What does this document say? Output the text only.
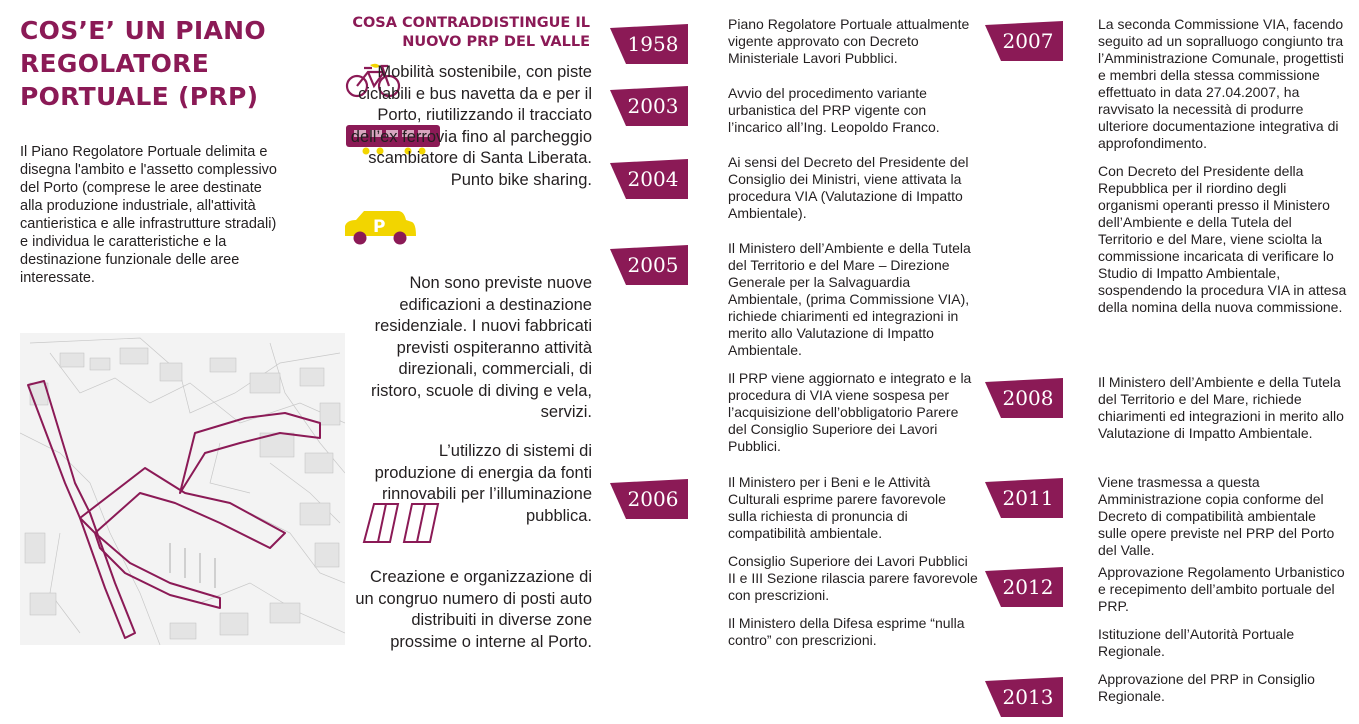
COS’E’ UN PIANO REGOLATORE PORTUALE (PRP)
Il Piano Regolatore Portuale delimita e disegna l'ambito e l'assetto complessivo del Porto (comprese le aree destinate alla produzione industriale, all'attività cantieristica e alle infrastrutture stradali) e individua le caratteristiche e la destinazione funzionale delle aree interessate.
COSA CONTRADDISTINGUE IL NUOVO PRP DEL VALLE
P
Mobilità sostenibile, con piste ciclabili e bus navetta da e per il Porto, riutilizzando il tracciato dell’ex ferrovia fino al parcheggio scambiatore di Santa Liberata. Punto bike sharing.
Non sono previste nuove edificazioni a destinazione residenziale. I nuovi fabbricati previsti ospiteranno attività direzionali, commerciali, di ristoro, scuole di diving e vela, servizi.
L’utilizzo di sistemi di produzione di energia da fonti rinnovabili per l’illuminazione pubblica.
Creazione e organizzazione di un congruo numero di posti auto distribuiti in diverse zone prossime o interne al Porto.
1958

Piano Regolatore Portuale attualmente vigente approvato con Decreto Ministeriale Lavori Pubblici.

2003

Avvio del procedimento variante urbanistica del PRP vigente con l’incarico all’Ing. Leopoldo Franco.

2004

Ai sensi del Decreto del Presidente del Consiglio dei Ministri, viene attivata la procedura VIA (Valutazione di Impatto Ambientale).

2005

Il Ministero dell’Ambiente e della Tutela del Territorio e del Mare – Direzione Generale per la Salvaguardia Ambientale, (prima Commissione VIA), richiede chiarimenti ed integrazioni in merito allo Valutazione di Impatto Ambientale.

Il PRP viene aggiornato e integrato e la procedura di VIA viene sospesa per l’acquisizione dell’obbligatorio Parere del Consiglio Superiore dei Lavori Pubblici.

2006

Il Ministero per i Beni e le Attività Culturali esprime parere favorevole sulla richiesta di pronuncia di compatibilità ambientale.

Consiglio Superiore dei Lavori Pubblici II e III Sezione rilascia parere favorevole con prescrizioni.

Il Ministero della Difesa esprime “nulla contro” con prescrizioni.

2007

La seconda Commissione VIA, facendo seguito ad un sopralluogo congiunto tra l’Amministrazione Comunale, progettisti e membri della stessa commissione effettuato in data 27.04.2007, ha ravvisato la necessità di produrre ulteriore documentazione integrativa di approfondimento.

Con Decreto del Presidente della Repubblica per il riordino degli organismi operanti presso il Ministero dell’Ambiente e della Tutela del Territorio e del Mare, viene sciolta la commissione incaricata di verificare lo Studio di Impatto Ambientale, sospendendo la procedura VIA in attesa della nomina della nuova commissione.

2008

Il Ministero dell’Ambiente e della Tutela del Territorio e del Mare, richiede chiarimenti ed integrazioni in merito allo Valutazione di Impatto Ambientale.

2011

Viene trasmessa a questa Amministrazione copia conforme del Decreto di compatibilità ambientale sulle opere previste nel PRP del Porto del Valle.

2012

Approvazione Regolamento Urbanistico e recepimento dell’ambito portuale del PRP.

Istituzione dell’Autorità Portuale Regionale.

2013

Approvazione del PRP in Consiglio Regionale.
